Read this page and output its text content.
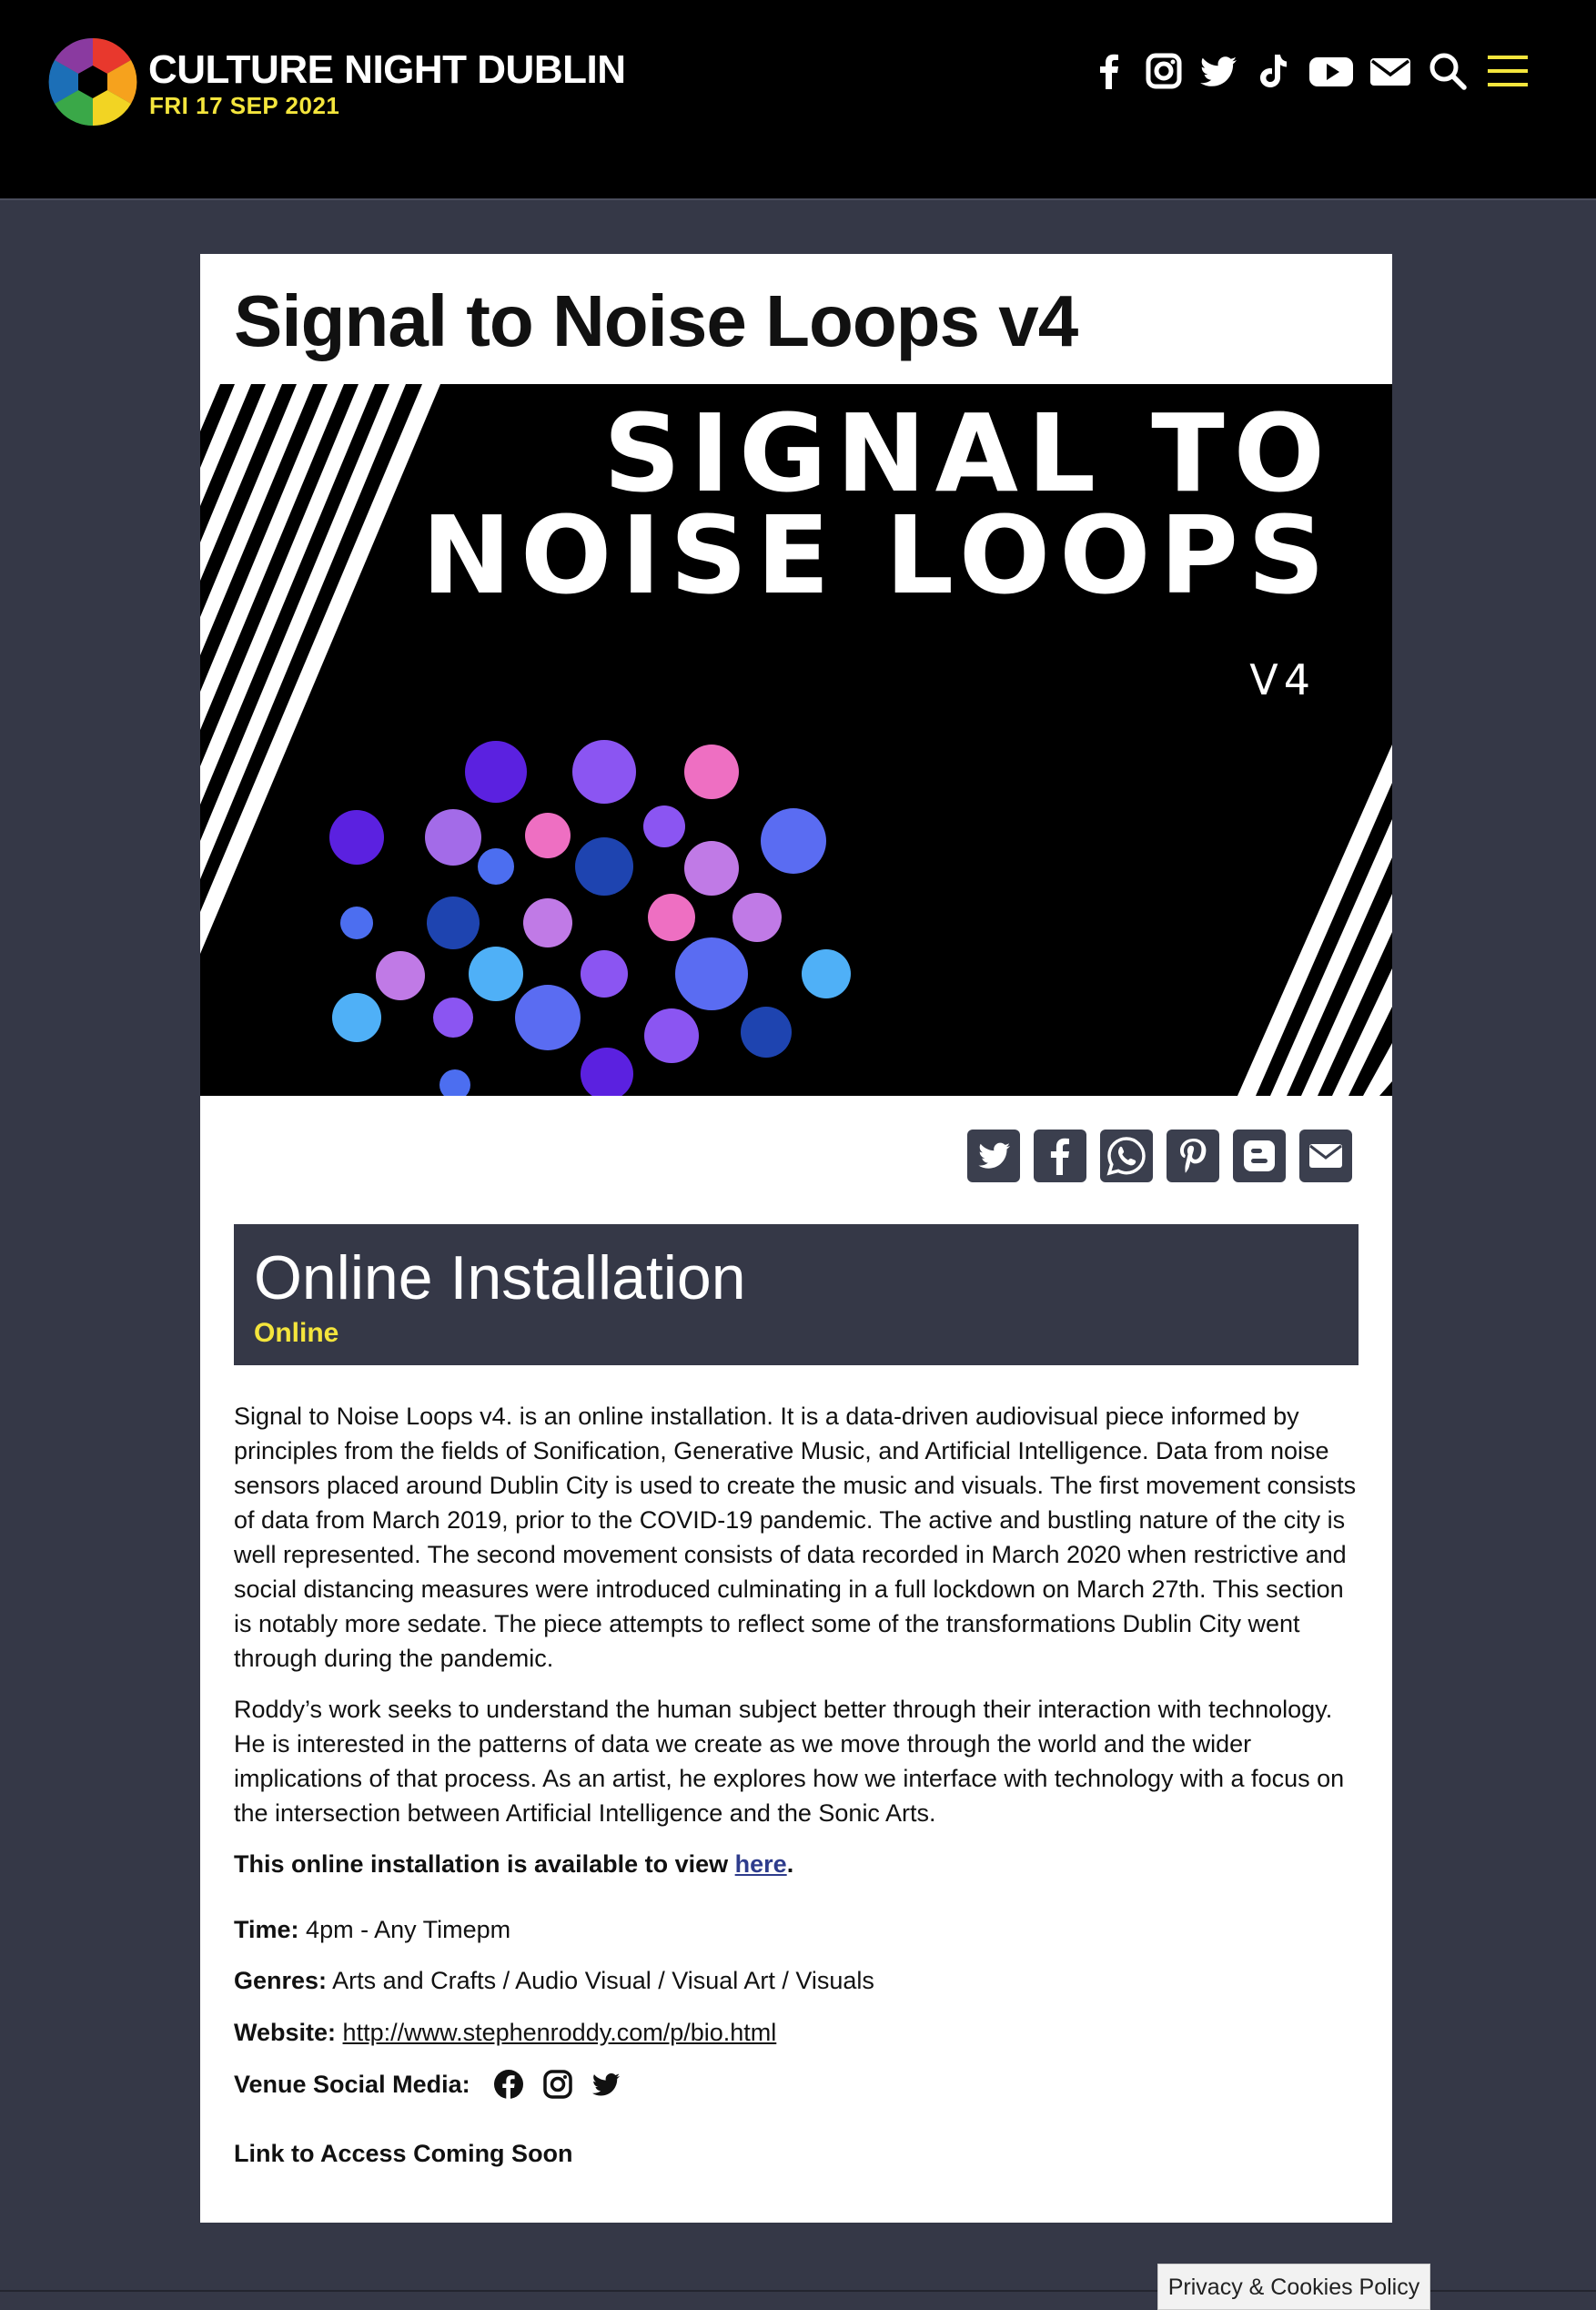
CULTURE NIGHT DUBLIN
FRI 17 SEP 2021
Signal to Noise Loops v4
SIGNAL TO
NOISE LOOPS
V4
Online Installation
Online

Signal to Noise Loops v4. is an online installation. It is a data-driven audiovisual piece informed by principles from the fields of Sonification, Generative Music, and Artificial Intelligence. Data from noise sensors placed around Dublin City is used to create the music and visuals. The first movement consists of data from March 2019, prior to the COVID-19 pandemic. The active and bustling nature of the city is well represented. The second movement consists of data recorded in March 2020 when restrictive and social distancing measures were introduced culminating in a full lockdown on March 27th. This section is notably more sedate. The piece attempts to reflect some of the transformations Dublin City went through during the pandemic.

Roddy’s work seeks to understand the human subject better through their interaction with technology. He is interested in the patterns of data we create as we move through the world and the wider implications of that process. As an artist, he explores how we interface with technology with a focus on the intersection between Artificial Intelligence and the Sonic Arts.

This online installation is available to view here.

Time: 4pm - Any Timepm
Genres: Arts and Crafts / Audio Visual / Visual Art / Visuals
Website: http://www.stephenroddy.com/p/bio.html
Venue Social Media:
Link to Access Coming Soon
Privacy & Cookies Policy
